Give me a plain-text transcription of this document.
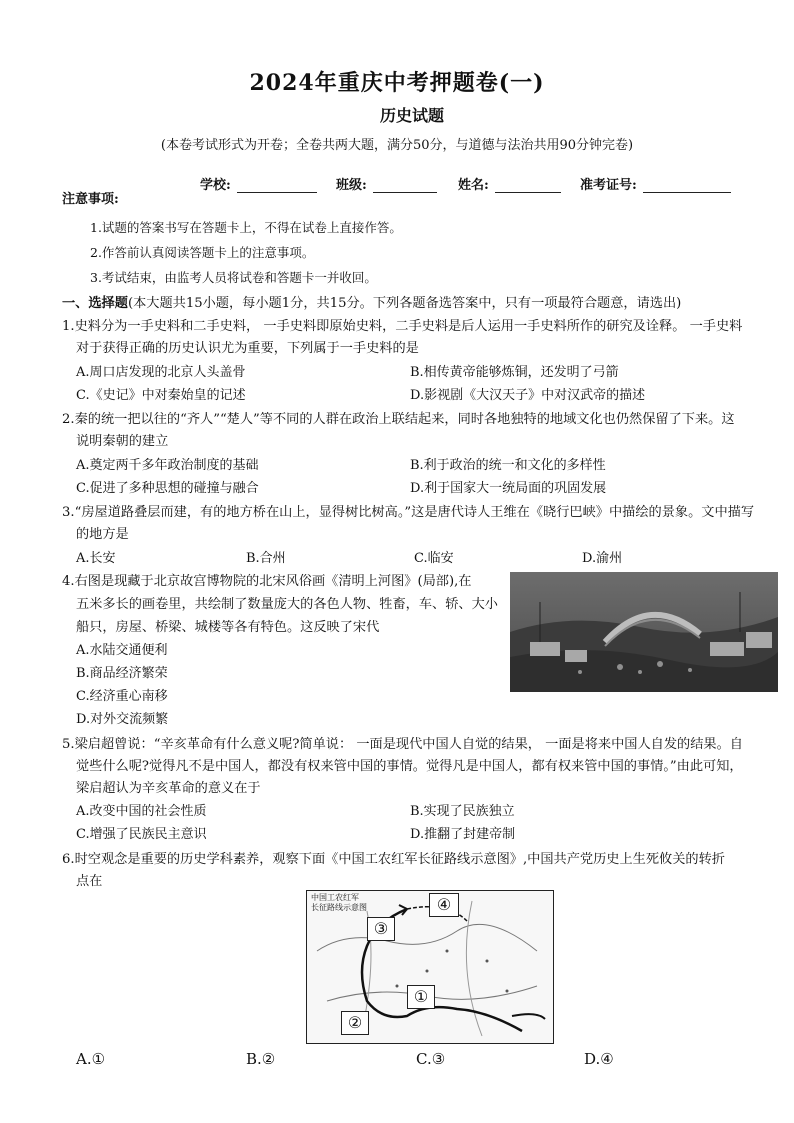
2024年重庆中考押题卷(一)
历史试题
(本卷考试形式为开卷；全卷共两大题，满分50分，与道德与法治共用90分钟完卷)
注意事项:
学校:	班级:	姓名:	准考证号:
1.试题的答案书写在答题卡上，不得在试卷上直接作答。
2.作答前认真阅读答题卡上的注意事项。
3.考试结束，由监考人员将试卷和答题卡一并收回。
一、选择题(本大题共15小题，每小题1分，共15分。下列各题备选答案中，只有一项最符合题意，请选出)
1.史料分为一手史料和二手史料， 一手史料即原始史料，二手史料是后人运用一手史料所作的研究及诠释。 一手史料
对于获得正确的历史认识尤为重要，下列属于一手史料的是
A.周口店发现的北京人头盖骨	B.相传黄帝能够炼铜，还发明了弓箭
C.《史记》中对秦始皇的记述	D.影视剧《大汉天子》中对汉武帝的描述
2.秦的统一把以往的“齐人”“楚人”等不同的人群在政治上联结起来，同时各地独特的地域文化也仍然保留了下来。这
说明秦朝的建立
A.奠定两千多年政治制度的基础	B.利于政治的统一和文化的多样性
C.促进了多种思想的碰撞与融合	D.利于国家大一统局面的巩固发展
3.“房屋道路叠层而建，有的地方桥在山上，显得树比树高。”这是唐代诗人王维在《晓行巴峡》中描绘的景象。文中描写
的地方是
A.长安	B.合州	C.临安	D.渝州
4.右图是现藏于北京故宫博物院的北宋风俗画《清明上河图》(局部),在
五米多长的画卷里，共绘制了数量庞大的各色人物、牲畜，车、轿、大小
船只，房屋、桥梁、城楼等各有特色。这反映了宋代
A.水陆交通便利
B.商品经济繁荣
C.经济重心南移
D.对外交流频繁
5.梁启超曾说：“辛亥革命有什么意义呢?简单说： 一面是现代中国人自觉的结果， 一面是将来中国人自发的结果。自
觉些什么呢?觉得凡不是中国人，都没有权来管中国的事情。觉得凡是中国人，都有权来管中国的事情。”由此可知，
梁启超认为辛亥革命的意义在于
A.改变中国的社会性质	B.实现了民族独立
C.增强了民族民主意识	D.推翻了封建帝制
6.时空观念是重要的历史学科素养，观察下面《中国工农红军长征路线示意图》,中国共产党历史上生死攸关的转折
点在
中国工农红军
长征路线示意图	④
③
①
②
A.①	B.②	C.③	D.④
